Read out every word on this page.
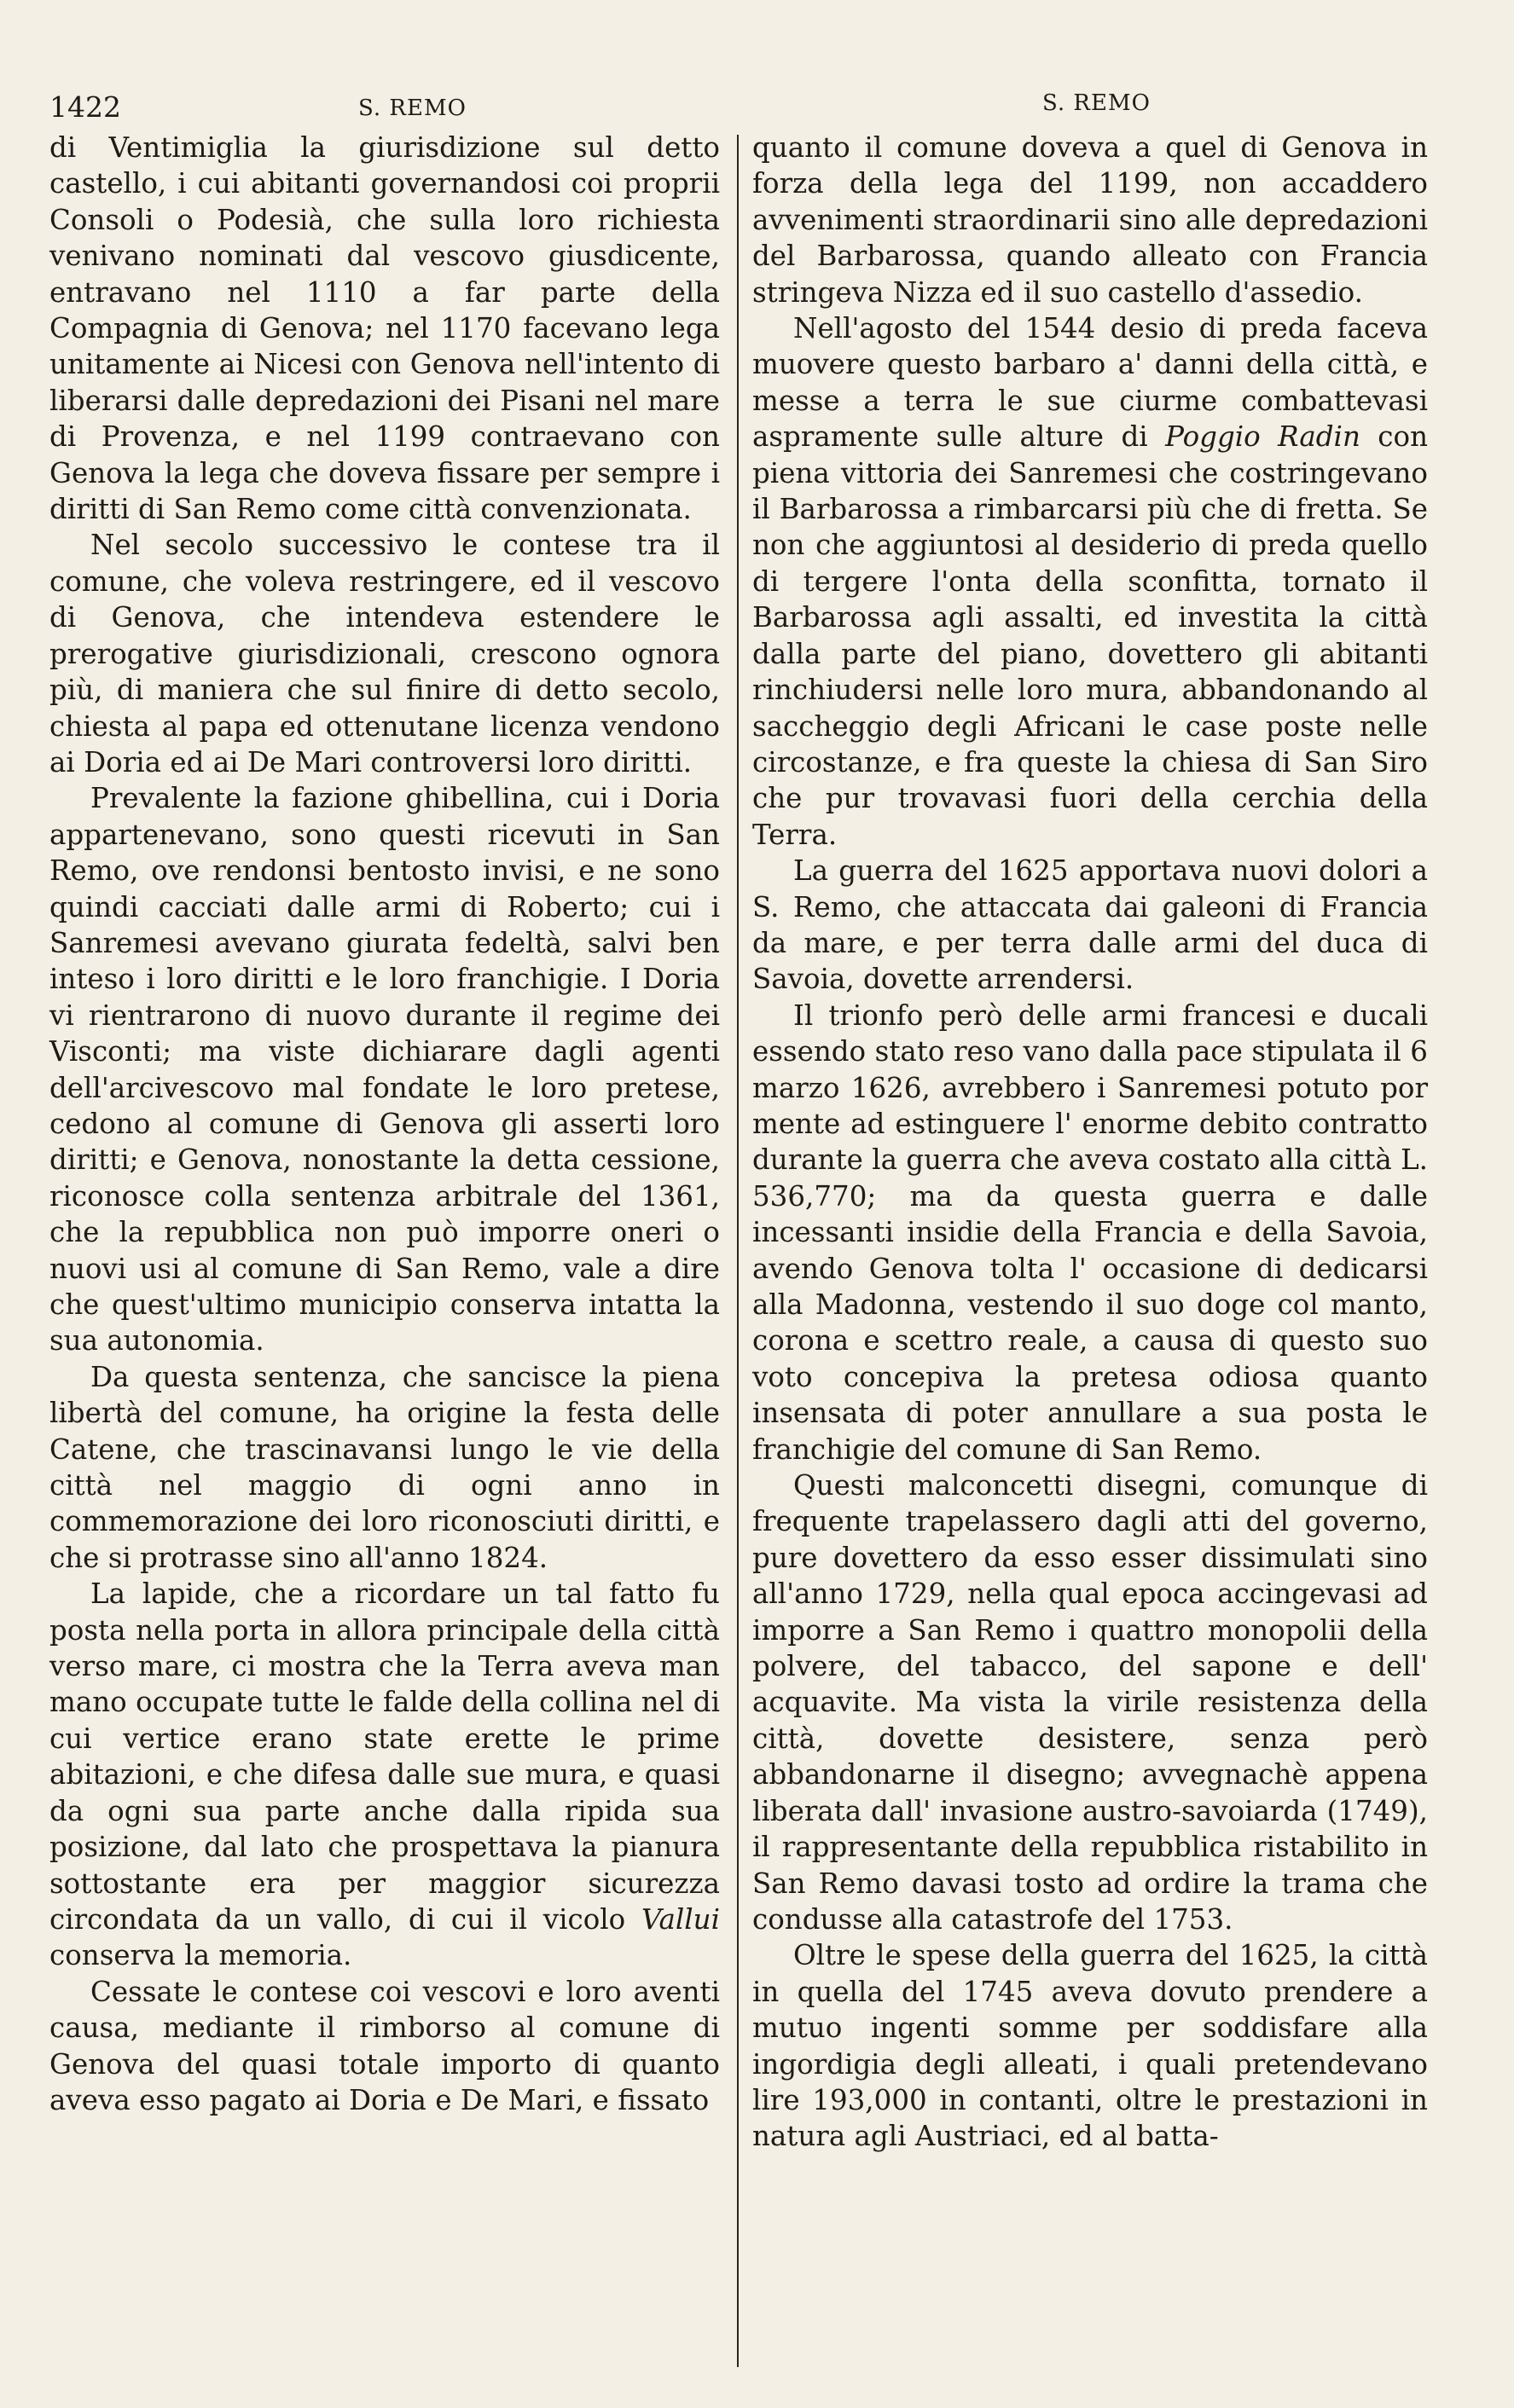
1422	S. REMO	S. REMO

di Ventimiglia la giurisdizione sul detto castello, i cui abitanti governandosi coi proprii Consoli o Podesià, che sulla loro richiesta venivano nominati dal vescovo giusdicente, entravano nel 1110 a far parte della Compagnia di Genova; nel 1170 facevano lega unitamente ai Nicesi con Genova nell'intento di liberarsi dalle depredazioni dei Pisani nel mare di Provenza, e nel 1199 contraevano con Genova la lega che doveva fissare per sempre i diritti di San Remo come città convenzionata.

Nel secolo successivo le contese tra il comune, che voleva restringere, ed il vescovo di Genova, che intendeva estendere le prerogative giurisdizionali, crescono ognora più, di maniera che sul finire di detto secolo, chiesta al papa ed ottenutane licenza vendono ai Doria ed ai De Mari controversi loro diritti.

Prevalente la fazione ghibellina, cui i Doria appartenevano, sono questi ricevuti in San Remo, ove rendonsi bentosto invisi, e ne sono quindi cacciati dalle armi di Roberto; cui i Sanremesi avevano giurata fedeltà, salvi ben inteso i loro diritti e le loro franchigie. I Doria vi rientrarono di nuovo durante il regime dei Visconti; ma viste dichiarare dagli agenti dell'arcivescovo mal fondate le loro pretese, cedono al comune di Genova gli asserti loro diritti; e Genova, nonostante la detta cessione, riconosce colla sentenza arbitrale del 1361, che la repubblica non può imporre oneri o nuovi usi al comune di San Remo, vale a dire che quest'ultimo municipio conserva intatta la sua autonomia.

Da questa sentenza, che sancisce la piena libertà del comune, ha origine la festa delle Catene, che trascinavansi lungo le vie della città nel maggio di ogni anno in commemorazione dei loro riconosciuti diritti, e che si protrasse sino all'anno 1824.

La lapide, che a ricordare un tal fatto fu posta nella porta in allora principale della città verso mare, ci mostra che la Terra aveva man mano occupate tutte le falde della collina nel di cui vertice erano state erette le prime abitazioni, e che difesa dalle sue mura, e quasi da ogni sua parte anche dalla ripida sua posizione, dal lato che prospettava la pianura sottostante era per maggior sicurezza circondata da un vallo, di cui il vicolo Vallui conserva la memoria.

Cessate le contese coi vescovi e loro aventi causa, mediante il rimborso al comune di Genova del quasi totale importo di quanto aveva esso pagato ai Doria e De Mari, e fissato

quanto il comune doveva a quel di Genova in forza della lega del 1199, non accaddero avvenimenti straordinarii sino alle depredazioni del Barbarossa, quando alleato con Francia stringeva Nizza ed il suo castello d'assedio.

Nell'agosto del 1544 desio di preda faceva muovere questo barbaro a' danni della città, e messe a terra le sue ciurme combattevasi aspramente sulle alture di Poggio Radin con piena vittoria dei Sanremesi che costringevano il Barbarossa a rimbarcarsi più che di fretta. Se non che aggiuntosi al desiderio di preda quello di tergere l'onta della sconfitta, tornato il Barbarossa agli assalti, ed investita la città dalla parte del piano, dovettero gli abitanti rinchiudersi nelle loro mura, abbandonando al saccheggio degli Africani le case poste nelle circostanze, e fra queste la chiesa di San Siro che pur trovavasi fuori della cerchia della Terra.

La guerra del 1625 apportava nuovi dolori a S. Remo, che attaccata dai galeoni di Francia da mare, e per terra dalle armi del duca di Savoia, dovette arrendersi.

Il trionfo però delle armi francesi e ducali essendo stato reso vano dalla pace stipulata il 6 marzo 1626, avrebbero i Sanremesi potuto por mente ad estinguere l' enorme debito contratto durante la guerra che aveva costato alla città L. 536,770; ma da questa guerra e dalle incessanti insidie della Francia e della Savoia, avendo Genova tolta l' occasione di dedicarsi alla Madonna, vestendo il suo doge col manto, corona e scettro reale, a causa di questo suo voto concepiva la pretesa odiosa quanto insensata di poter annullare a sua posta le franchigie del comune di San Remo.

Questi malconcetti disegni, comunque di frequente trapelassero dagli atti del governo, pure dovettero da esso esser dissimulati sino all'anno 1729, nella qual epoca accingevasi ad imporre a San Remo i quattro monopolii della polvere, del tabacco, del sapone e dell' acquavite. Ma vista la virile resistenza della città, dovette desistere, senza però abbandonarne il disegno; avvegnachè appena liberata dall' invasione austro-savoiarda (1749), il rappresentante della repubblica ristabilito in San Remo davasi tosto ad ordire la trama che condusse alla catastrofe del 1753.

Oltre le spese della guerra del 1625, la città in quella del 1745 aveva dovuto prendere a mutuo ingenti somme per soddisfare alla ingordigia degli alleati, i quali pretendevano lire 193,000 in contanti, oltre le prestazioni in natura agli Austriaci, ed al batta-
